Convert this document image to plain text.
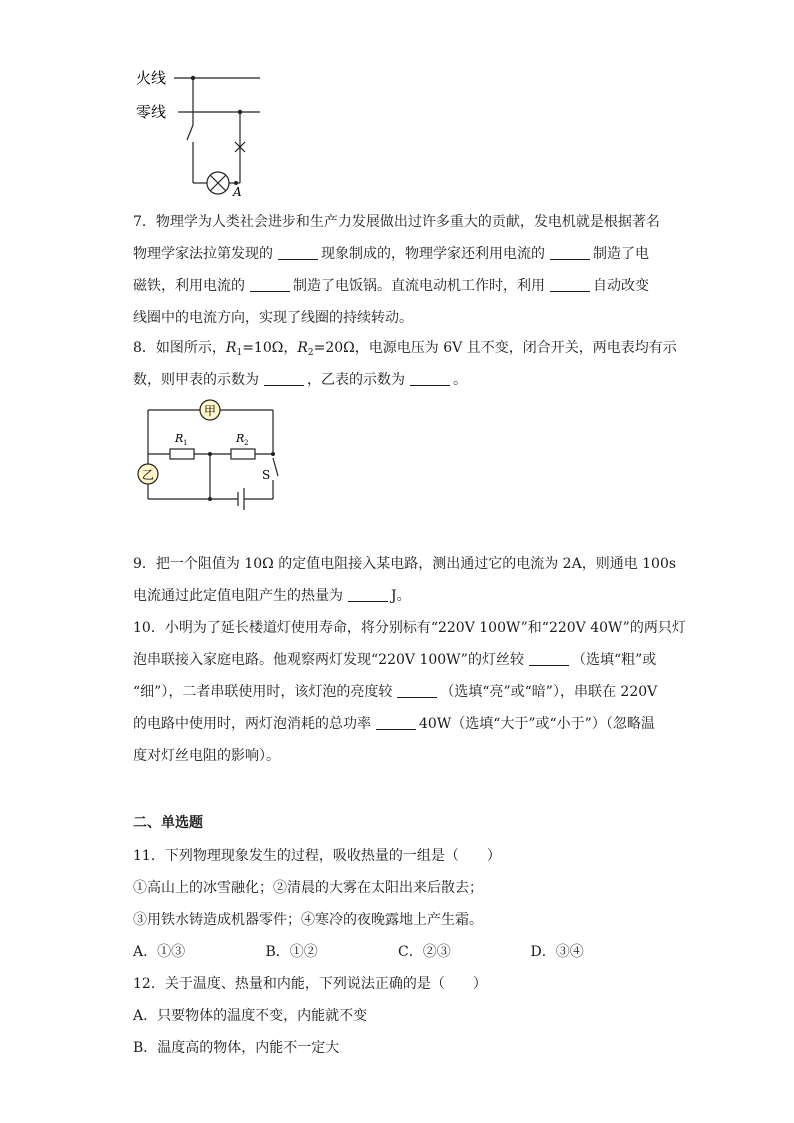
火线
零线
A
7．物理学为人类社会进步和生产力发展做出过许多重大的贡献，发电机就是根据著名
物理学家法拉第发现的	现象制成的，物理学家还利用电流的	制造了电
磁铁，利用电流的	制造了电饭锅。直流电动机工作时，利用	自动改变
线圈中的电流方向，实现了线圈的持续转动。
8．如图所示，$R_1=10\Omega$，$R_2=20\Omega$，电源电压为 6V 且不变，闭合开关，两电表均有示
数，则甲表的示数为	，乙表的示数为	。
甲
乙
R 1	R 2
S
9．把一个阻值为 10Ω 的定值电阻接入某电路，测出通过它的电流为 2A，则通电 100s
电流通过此定值电阻产生的热量为	J。
10．小明为了延长楼道灯使用寿命，将分别标有“220V 100W”和“220V 40W”的两只灯
泡串联接入家庭电路。他观察两灯发现“220V 100W”的灯丝较	（选填“粗”或
“细”），二者串联使用时，该灯泡的亮度较	（选填“亮”或“暗”），串联在 220V
的电路中使用时，两灯泡消耗的总功率	40W（选填“大于”或“小于”）（忽略温
度对灯丝电阻的影响）。
二、单选题
11．下列物理现象发生的过程，吸收热量的一组是（　　）
①高山上的冰雪融化；②清晨的大雾在太阳出来后散去；
③用铁水铸造成机器零件；④寒冷的夜晚露地上产生霜。
A．①③	B．①②	C．②③	D．③④
12．关于温度、热量和内能，下列说法正确的是（　　）
A．只要物体的温度不变，内能就不变
B．温度高的物体，内能不一定大
